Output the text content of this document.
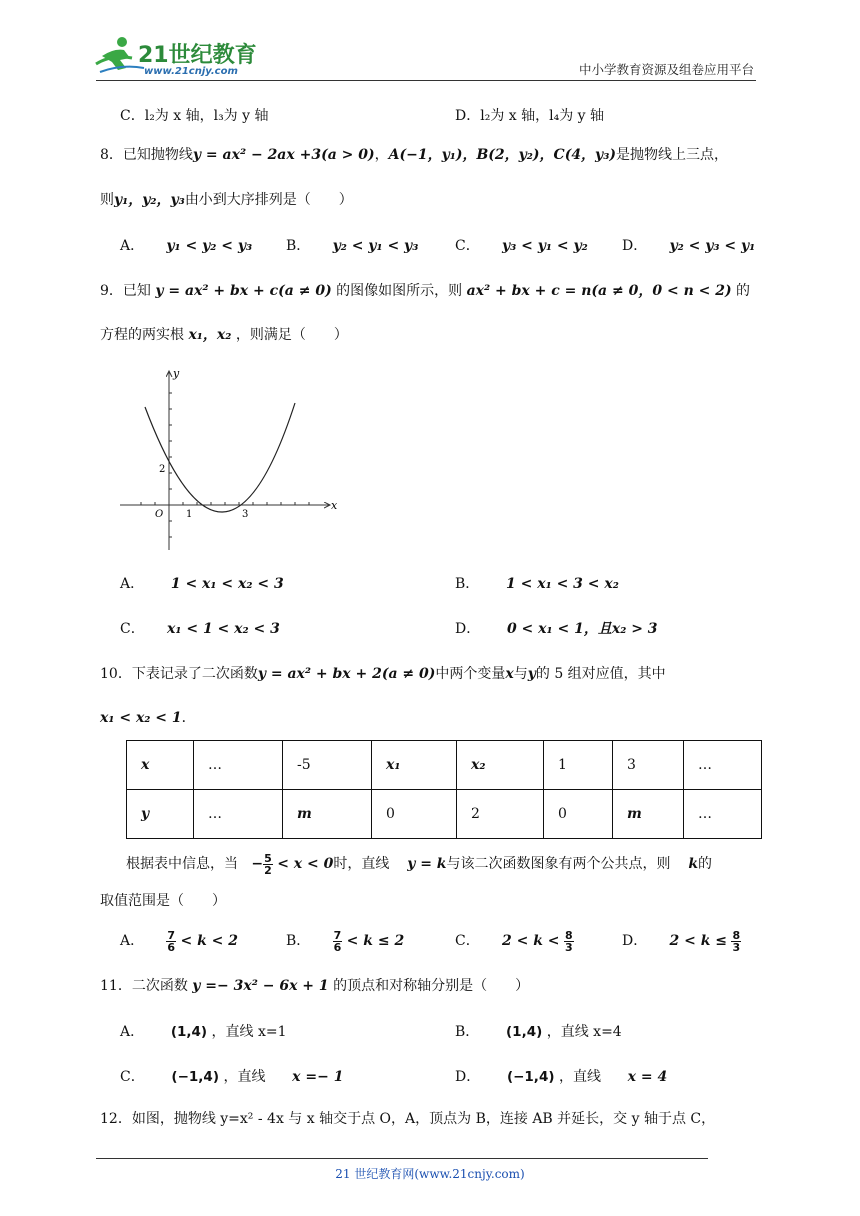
21世纪教育
www.21cnjy.com	中小学教育资源及组卷应用平台
C．l₂为 x 轴，l₃为 y 轴	D．l₂为 x 轴，l₄为 y 轴
8．已知抛物线y = ax² − 2ax +3(a > 0)，A(−1，y₁)，B(2，y₂)，C(4，y₃)是抛物线上三点，
则y₁，y₂，y₃由小到大序排列是（　　）
A． y₁ < y₂ < y₃ B． y₂ < y₁ < y₃	C． y₃ < y₁ < y₂ D． y₂ < y₃ < y₁
9．已知 y = ax² + bx + c(a ≠ 0) 的图像如图所示，则 ax² + bx + c = n(a ≠ 0，0 < n < 2) 的
方程的两实根 x₁，x₂ ，则满足（　　）
y
x
O
2
1	3
A． 1 < x₁ < x₂ < 3	B． 1 < x₁ < 3 < x₂
C． x₁ < 1 < x₂ < 3	D． 0 < x₁ < 1，且x₂ > 3
10．下表记录了二次函数y = ax² + bx + 2(a ≠ 0)中两个变量x与y的 5 组对应值，其中
x₁ < x₂ < 1．
x	…	-5	x₁	x₂	1	3	…
y	…	m	0	2	0	m	…
根据表中信息，当 − $\frac{5}{2} < x < 0$时，直线 y = k与该二次函数图象有两个公共点，则 k的
取值范围是（　　）
A． $\frac{7}{6} < k < 2$	B． $\frac{7}{6} < k \le 2$	C． $2 < k < \frac{8}{3}$	D． $2 < k \le \frac{8}{3}$
11．二次函数 y =− 3x² − 6x + 1 的顶点和对称轴分别是（　　）
A． (1,4) ，直线 x=1	B． (1,4) ，直线 x=4
C． (−1,4) ，直线 x =− 1	D． (−1,4) ，直线 x = 4
12．如图，抛物线 y=x² - 4x 与 x 轴交于点 O，A，顶点为 B，连接 AB 并延长，交 y 轴于点 C，
21 世纪教育网(www.21cnjy.com)
